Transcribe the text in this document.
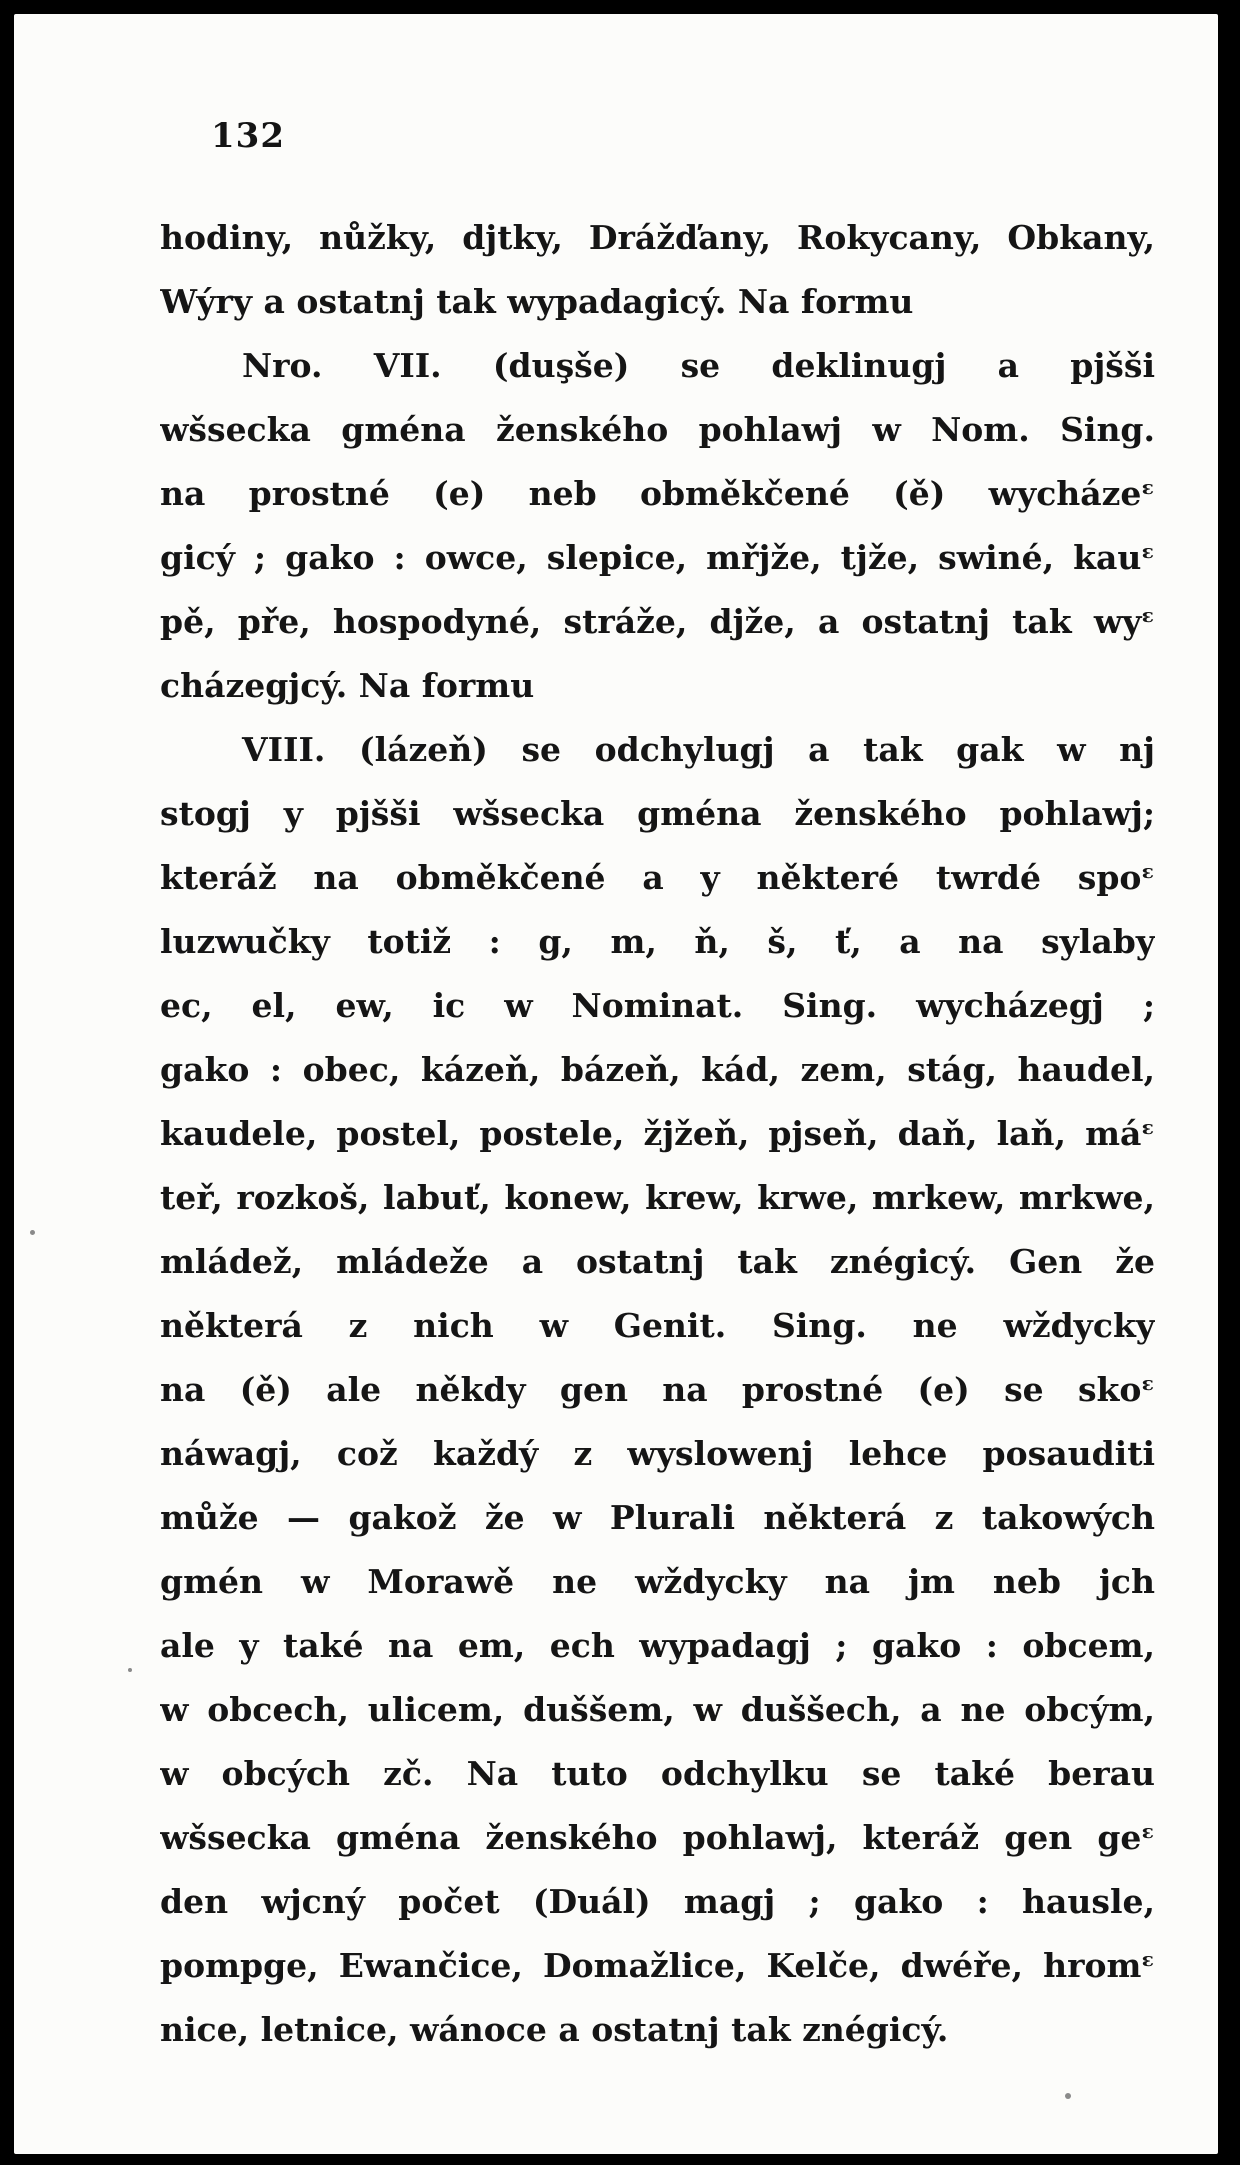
132
hodiny, nůžky, djtky, Drážďany, Rokycany, Obkany,
Wýry a ostatnj tak wypadagicý. Na formu
Nro. VII. (duşše) se deklinugj a pjšši
wšsecka gména ženského pohlawj w Nom. Sing.
na prostné (e) neb obměkčené (ě) wycházeᵋ
gicý ; gako : owce, slepice, mřjže, tjže, swiné, kauᵋ
pě, pře, hospodyné, stráže, djže, a ostatnj tak wyᵋ
cházegjcý. Na formu
VIII. (lázeň) se odchylugj a tak gak w nj
stogj y pjšši wšsecka gména ženského pohlawj;
kteráž na obměkčené a y některé twrdé spoᵋ
luzwučky totiž : g, m, ň, š, ť, a na sylaby
ec, el, ew, ic w Nominat. Sing. wycházegj ;
gako : obec, kázeň, bázeň, kád, zem, stág, haudel,
kaudele, postel, postele, žjžeň, pjseň, daň, laň, máᵋ
teř, rozkoš, labuť, konew, krew, krwe, mrkew, mrkwe,
mládež, mládeže a ostatnj tak znégicý. Gen že
některá z nich w Genit. Sing. ne wždycky
na (ě) ale někdy gen na prostné (e) se skoᵋ
náwagj, což každý z wyslowenj lehce posauditi
může — gakož že w Plurali některá z takowých
gmén w Morawě ne wždycky na jm neb jch
ale y také na em, ech wypadagj ; gako : obcem,
w obcech, ulicem, duššem, w duššech, a ne obcým,
w obcých zč. Na tuto odchylku se také berau
wšsecka gména ženského pohlawj, kteráž gen geᵋ
den wjcný počet (Duál) magj ; gako : hausle,
pompge, Ewančice, Domažlice, Kelče, dwéře, hromᵋ
nice, letnice, wánoce a ostatnj tak znégicý.
